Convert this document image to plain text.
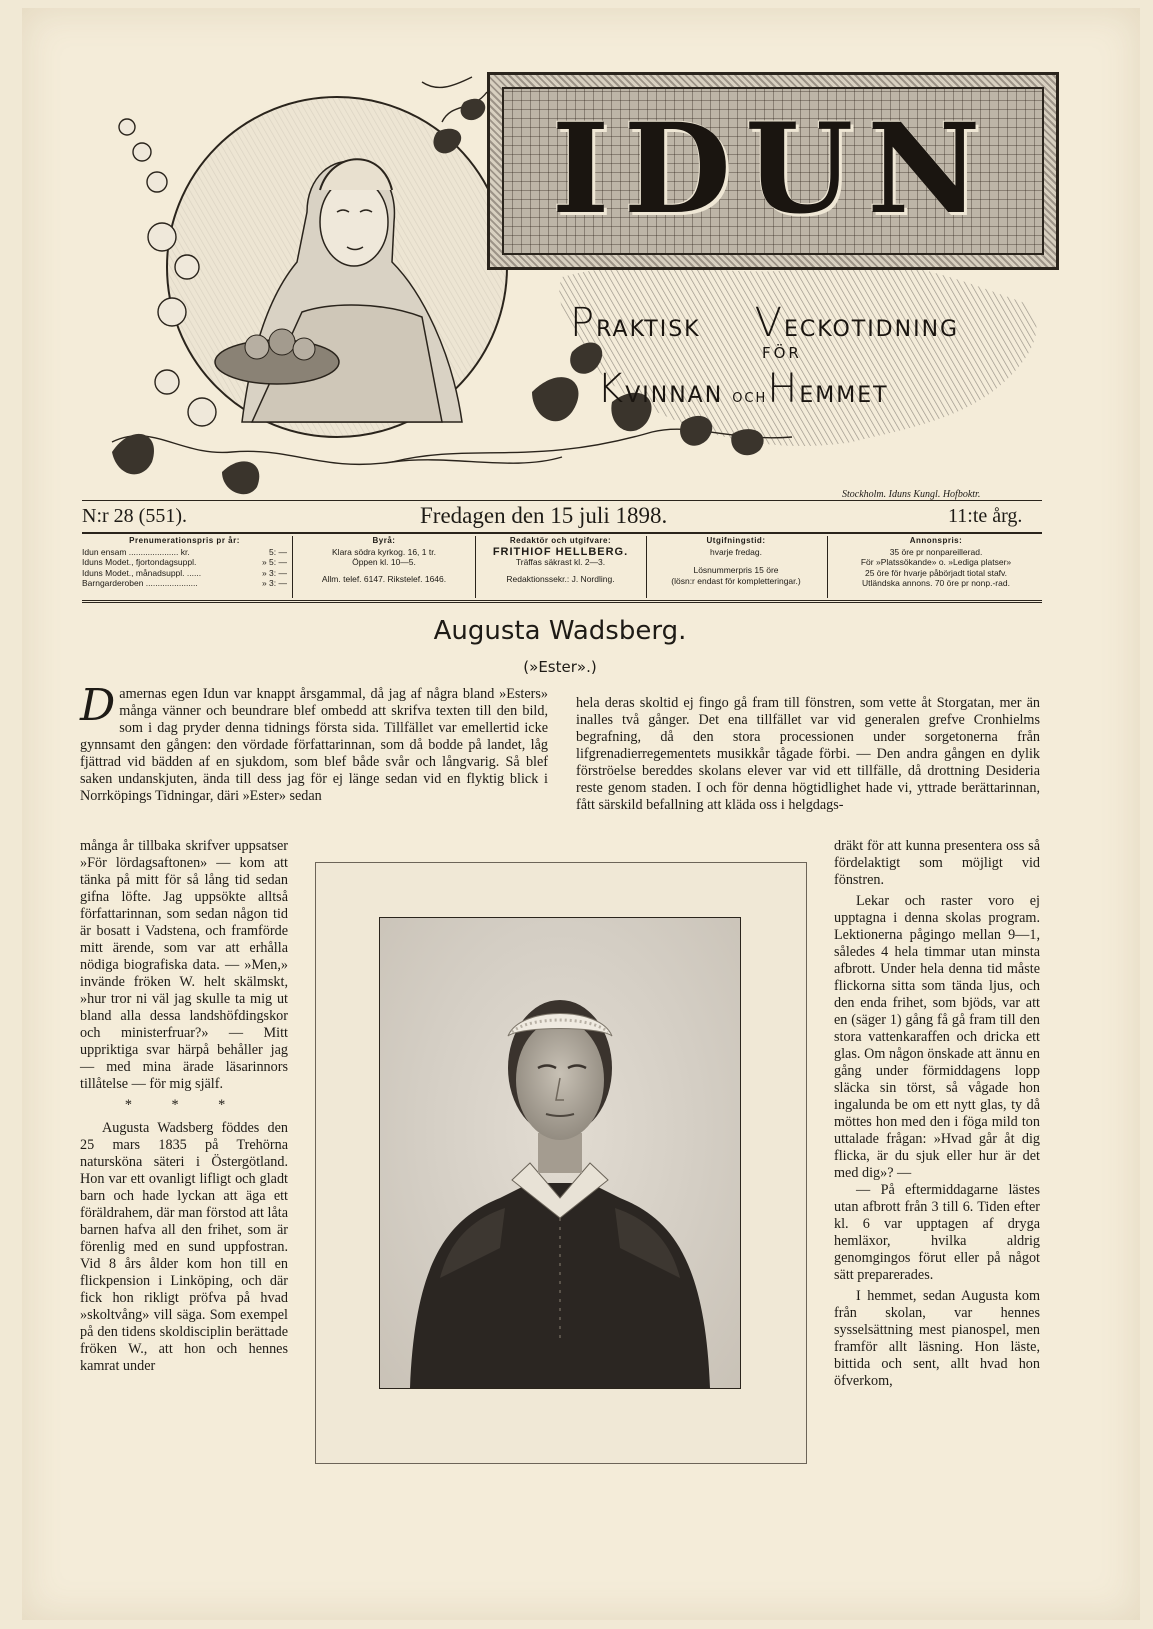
IDUN
PRAKTISK VECKOTIDNING
FÖR
KVINNAN OCHHEMMET
Stockholm. Iduns Kungl. Hofboktr.
N:r 28 (551).	Fredagen den 15 juli 1898.	11:te årg.
Prenumerationspris pr år:
Idun ensam ..................... kr.	5: —
Iduns Modet., fjortondagsuppl.	» 5: —
Iduns Modet., månadsuppl. ......	» 3: —
Barngarderoben ......................	» 3: —
Byrå:
Klara södra kyrkog. 16, 1 tr.
Öppen kl. 10—5.
Allm. telef. 6147. Rikstelef. 1646.
Redaktör och utgifvare:
FRITHIOF HELLBERG.
Träffas säkrast kl. 2—3.
Redaktionssekr.: J. Nordling.
Utgifningstid:
hvarje fredag.
Lösnummerpris 15 öre
(lösn:r endast för kompletteringar.)
Annonspris:
35 öre pr nonpareillerad.
För »Platssökande» o. »Lediga platser»
25 öre för hvarje påbörjadt tiotal stafv.
Utländska annons. 70 öre pr nonp.-rad.
Augusta Wadsberg.
(»Ester».)

Damernas egen Idun var knappt årsgammal, då jag af några bland »Esters» många vänner och beundrare blef ombedd att skrifva texten till den bild, som i dag pryder denna tidnings första sida. Tillfället var emellertid icke gynnsamt den gången: den vördade författarinnan, som då bodde på landet, låg fjättrad vid bädden af en sjukdom, som blef både svår och långvarig. Så blef saken undanskjuten, ända till dess jag för ej länge sedan vid en flyktig blick i Norrköpings Tidningar, däri »Ester» sedan

många år tillbaka skrifver uppsatser »För lördagsaftonen» — kom att tänka på mitt för så lång tid sedan gifna löfte. Jag uppsökte alltså författarinnan, som sedan någon tid är bosatt i Vadstena, och framförde mitt ärende, som var att erhålla nödiga biografiska data. — »Men,» invände fröken W. helt skälmskt, »hur tror ni väl jag skulle ta mig ut bland alla dessa landshöfdingskor och ministerfruar?» — Mitt uppriktiga svar härpå behåller jag — med mina ärade läsarinnors tillåtelse — för mig själf.

* * *

Augusta Wadsberg föddes den 25 mars 1835 på Trehörna natursköna säteri i Östergötland. Hon var ett ovanligt lifligt och gladt barn och hade lyckan att äga ett föräldrahem, där man förstod att låta barnen hafva all den frihet, som är förenlig med en sund uppfostran. Vid 8 års ålder kom hon till en flickpension i Linköping, och där fick hon rikligt pröfva på hvad »skoltvång» vill säga. Som exempel på den tidens skoldisciplin berättade fröken W., att hon och hennes kamrat under

hela deras skoltid ej fingo gå fram till fönstren, som vette åt Storgatan, mer än inalles två gånger. Det ena tillfället var vid generalen grefve Cronhielms begrafning, då den stora processionen under sorgetonerna från lifgrenadierregementets musikkår tågade förbi. — Den andra gången en dylik förströelse bereddes skolans elever var vid ett tillfälle, då drottning Desideria reste genom staden. I och för denna högtidlighet hade vi, yttrade berättarinnan, fått särskild befallning att kläda oss i helgdags-

dräkt för att kunna presentera oss så fördelaktigt som möjligt vid fönstren.

Lekar och raster voro ej upptagna i denna skolas program. Lektionerna pågingo mellan 9—1, således 4 hela timmar utan minsta afbrott. Under hela denna tid måste flickorna sitta som tända ljus, och den enda frihet, som bjöds, var att en (säger 1) gång få gå fram till den stora vattenkaraffen och dricka ett glas. Om någon önskade att ännu en gång under förmiddagens lopp släcka sin törst, så vågade hon ingalunda be om ett nytt glas, ty då möttes hon med den i föga mild ton uttalade frågan: »Hvad går åt dig flicka, är du sjuk eller hur är det med dig»? —

— På eftermiddagarne lästes utan afbrott från 3 till 6. Tiden efter kl. 6 var upptagen af dryga hemläxor, hvilka aldrig genomgingos förut eller på något sätt preparerades.

I hemmet, sedan Augusta kom från skolan, var hennes sysselsättning mest pianospel, men framför allt läsning. Hon läste, bittida och sent, allt hvad hon öfverkom,
